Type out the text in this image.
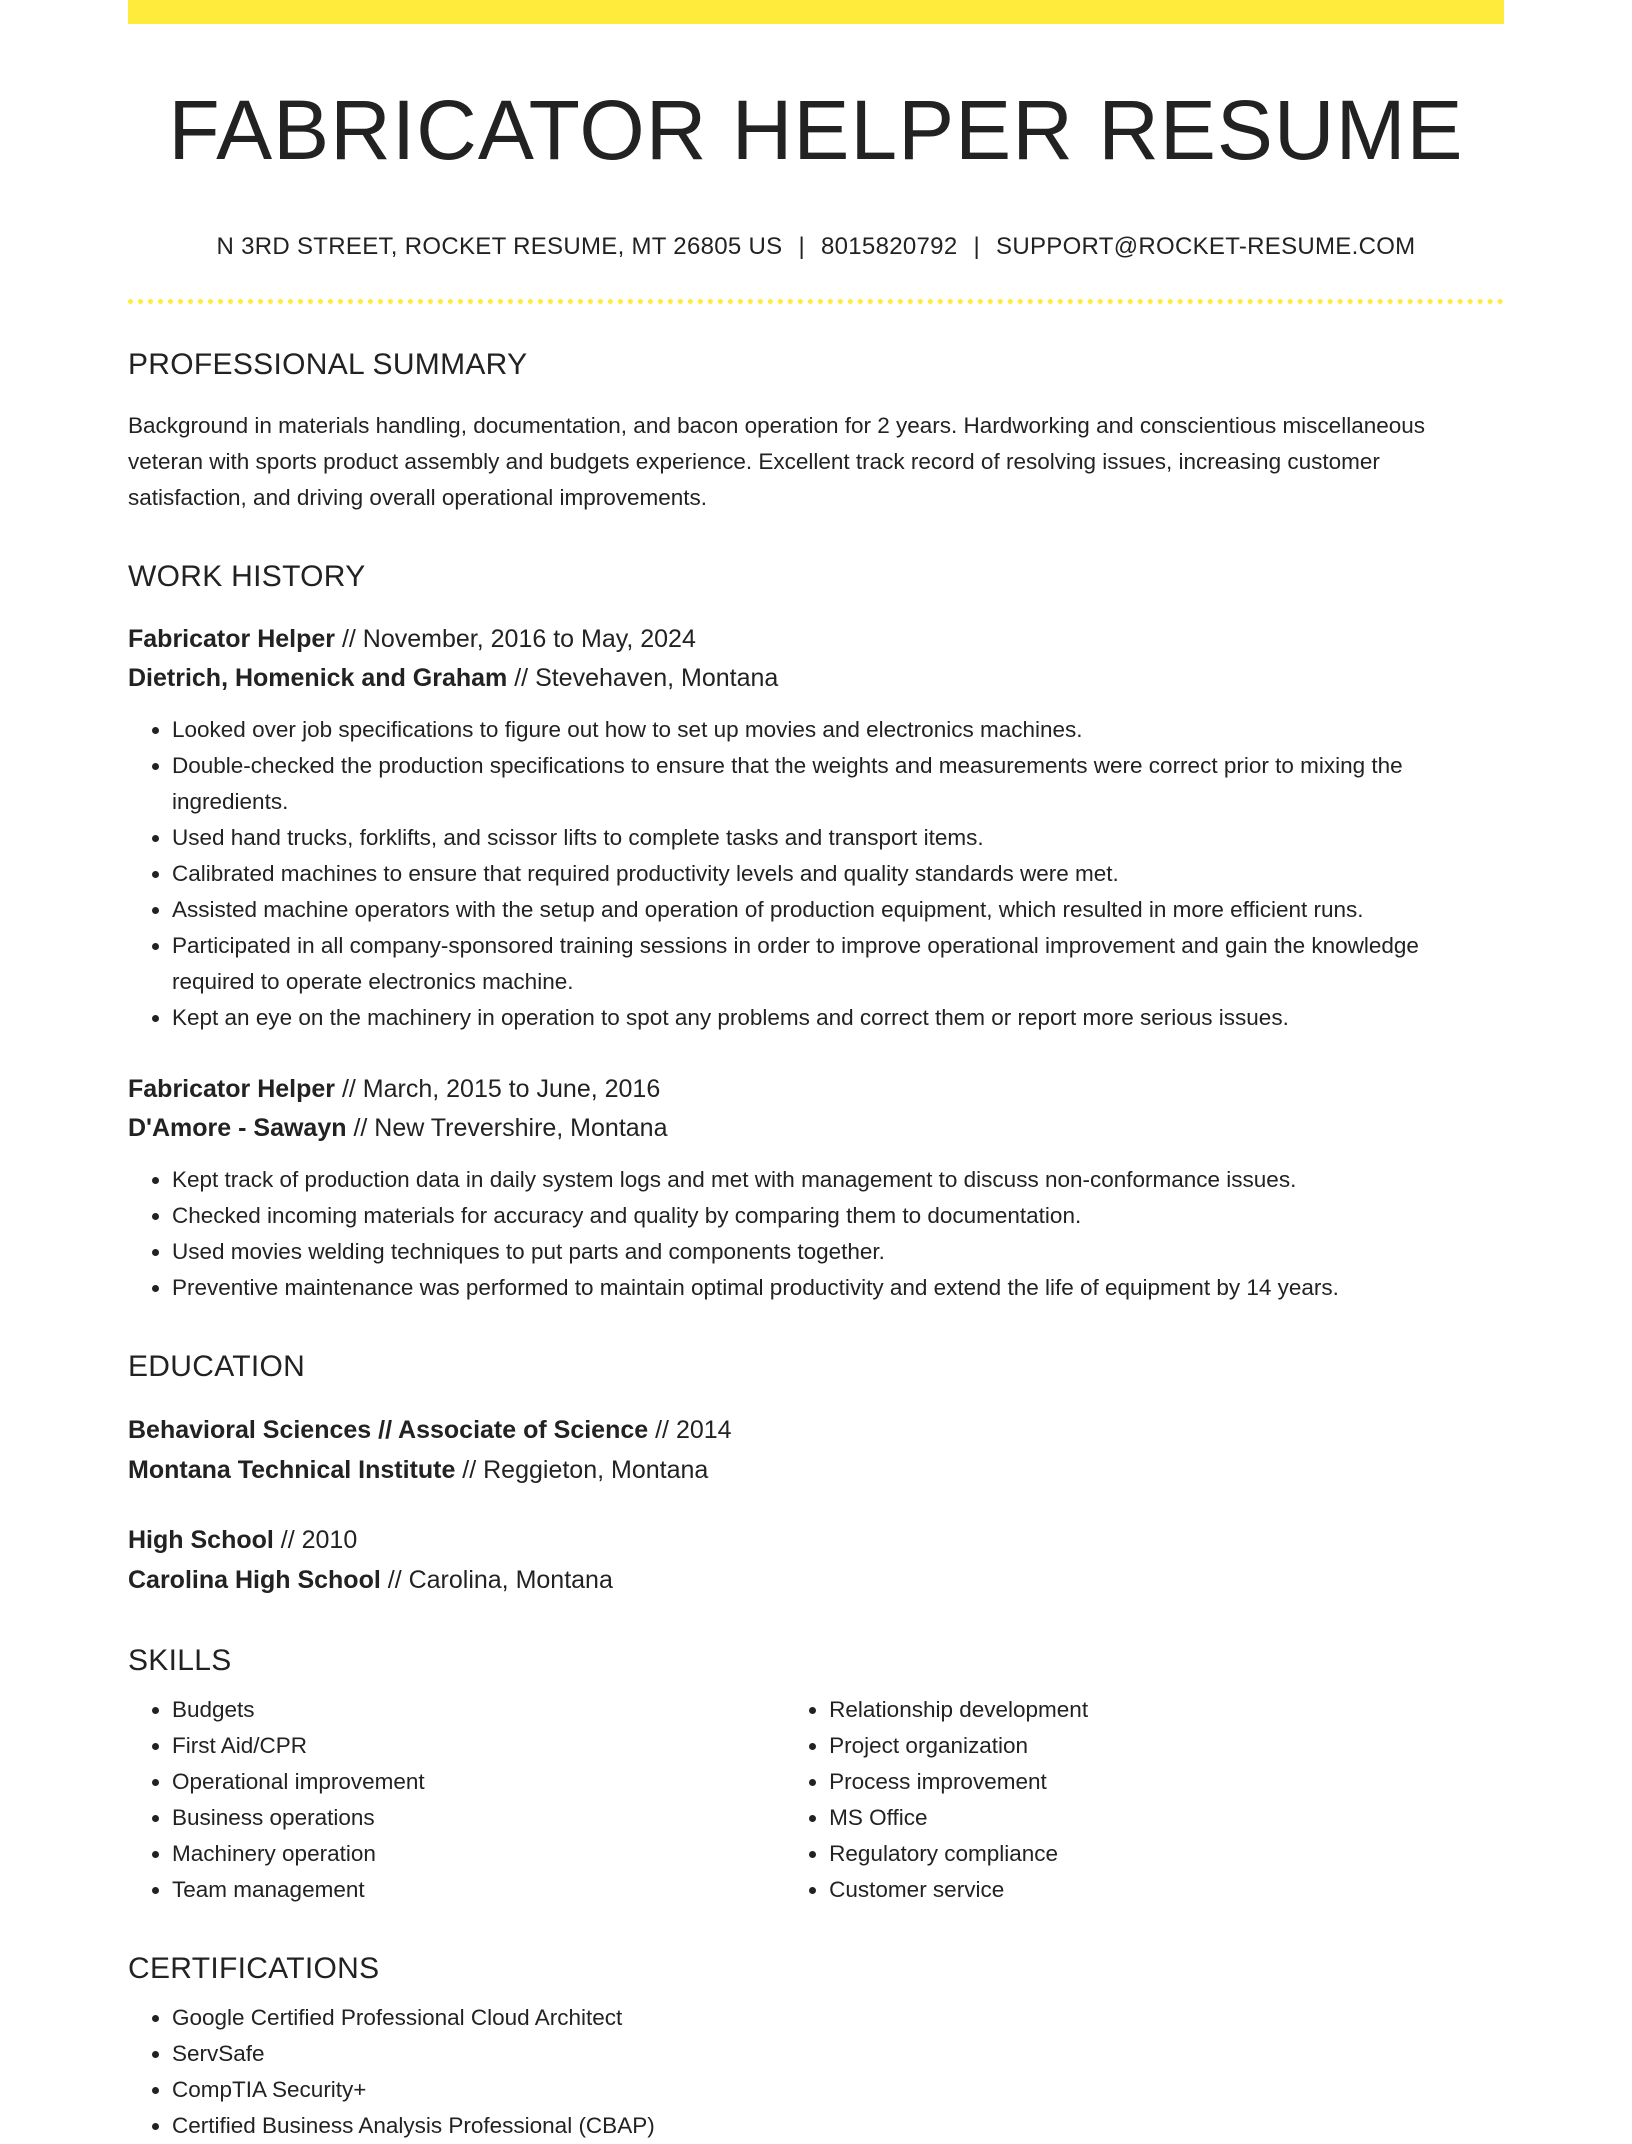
FABRICATOR HELPER RESUME
N 3RD STREET, ROCKET RESUME, MT 26805 US | 8015820792 | SUPPORT@ROCKET-RESUME.COM
PROFESSIONAL SUMMARY

Background in materials handling, documentation, and bacon operation for 2 years. Hardworking and conscientious miscellaneous veteran with sports product assembly and budgets experience. Excellent track record of resolving issues, increasing customer satisfaction, and driving overall operational improvements.

WORK HISTORY
Fabricator Helper // November, 2016 to May, 2024
Dietrich, Homenick and Graham // Stevehaven, Montana
• Looked over job specifications to figure out how to set up movies and electronics machines.
• Double-checked the production specifications to ensure that the weights and measurements were correct prior to mixing the ingredients.
• Used hand trucks, forklifts, and scissor lifts to complete tasks and transport items.
• Calibrated machines to ensure that required productivity levels and quality standards were met.
• Assisted machine operators with the setup and operation of production equipment, which resulted in more efficient runs.
• Participated in all company-sponsored training sessions in order to improve operational improvement and gain the knowledge required to operate electronics machine.
• Kept an eye on the machinery in operation to spot any problems and correct them or report more serious issues.
Fabricator Helper // March, 2015 to June, 2016
D'Amore - Sawayn // New Trevershire, Montana
• Kept track of production data in daily system logs and met with management to discuss non-conformance issues.
• Checked incoming materials for accuracy and quality by comparing them to documentation.
• Used movies welding techniques to put parts and components together.
• Preventive maintenance was performed to maintain optimal productivity and extend the life of equipment by 14 years.
EDUCATION
Behavioral Sciences // Associate of Science // 2014
Montana Technical Institute // Reggieton, Montana
High School // 2010
Carolina High School // Carolina, Montana
SKILLS
• Budgets
• First Aid/CPR
• Operational improvement
• Business operations
• Machinery operation
• Team management
• Relationship development
• Project organization
• Process improvement
• MS Office
• Regulatory compliance
• Customer service
CERTIFICATIONS
• Google Certified Professional Cloud Architect
• ServSafe
• CompTIA Security+
• Certified Business Analysis Professional (CBAP)
